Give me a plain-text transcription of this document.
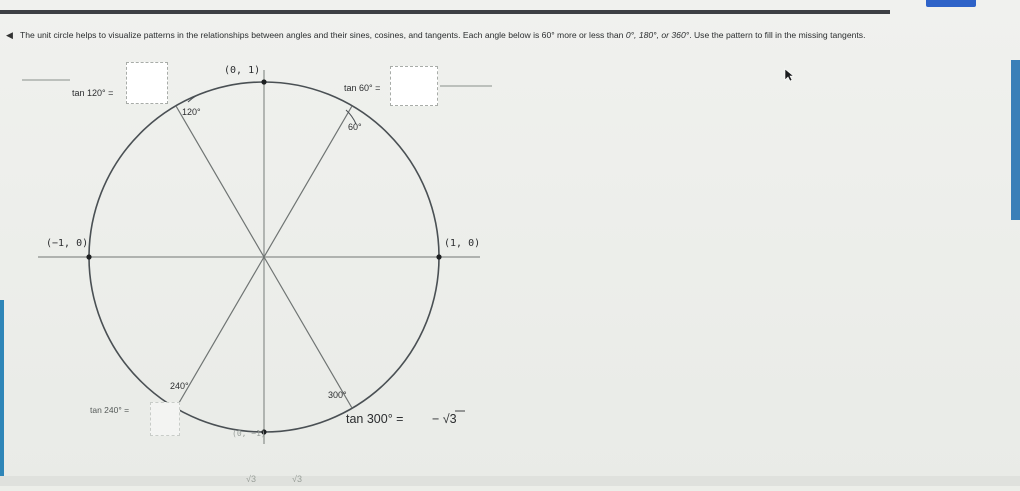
◀ The unit circle helps to visualize patterns in the relationships between angles and their sines, cosines, and tangents. Each angle below is 60° more or less than 0°, 180°, or 360°. Use the pattern to fill in the missing tangents.
(0, 1)
(−1, 0)	(1, 0)
(0, −1)
120°
60°
240°
300°
tan 120° =	tan 60° =
tan 240° =
tan 300° = − √3
√3	√3
